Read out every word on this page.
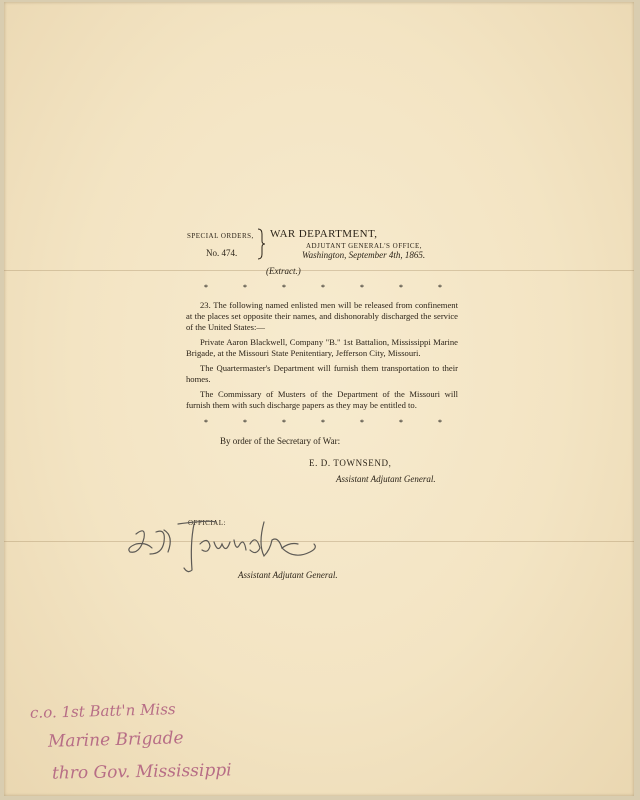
SPECIAL ORDERS,
No. 474.
WAR DEPARTMENT,
ADJUTANT GENERAL'S OFFICE,
Washington, September 4th, 1865.
(Extract.)
*	*	*	*	*	*	*

23. The following named enlisted men will be released from confinement at the places set opposite their names, and dishonorably discharged the service of the United States:—

Private Aaron Blackwell, Company "B." 1st Battalion, Mississippi Marine Brigade, at the Missouri State Penitentiary, Jefferson City, Missouri.

The Quartermaster's Department will furnish them transportation to their homes.

The Commissary of Musters of the Department of the Missouri will furnish them with such discharge papers as they may be entitled to.

*	*	*	*	*	*	*
By order of the Secretary of War:
E. D. TOWNSEND,
Assistant Adjutant General.
OFFICIAL:
Assistant Adjutant General.
c.o. 1st Batt'n Miss
Marine Brigade
thro Gov. Mississippi
